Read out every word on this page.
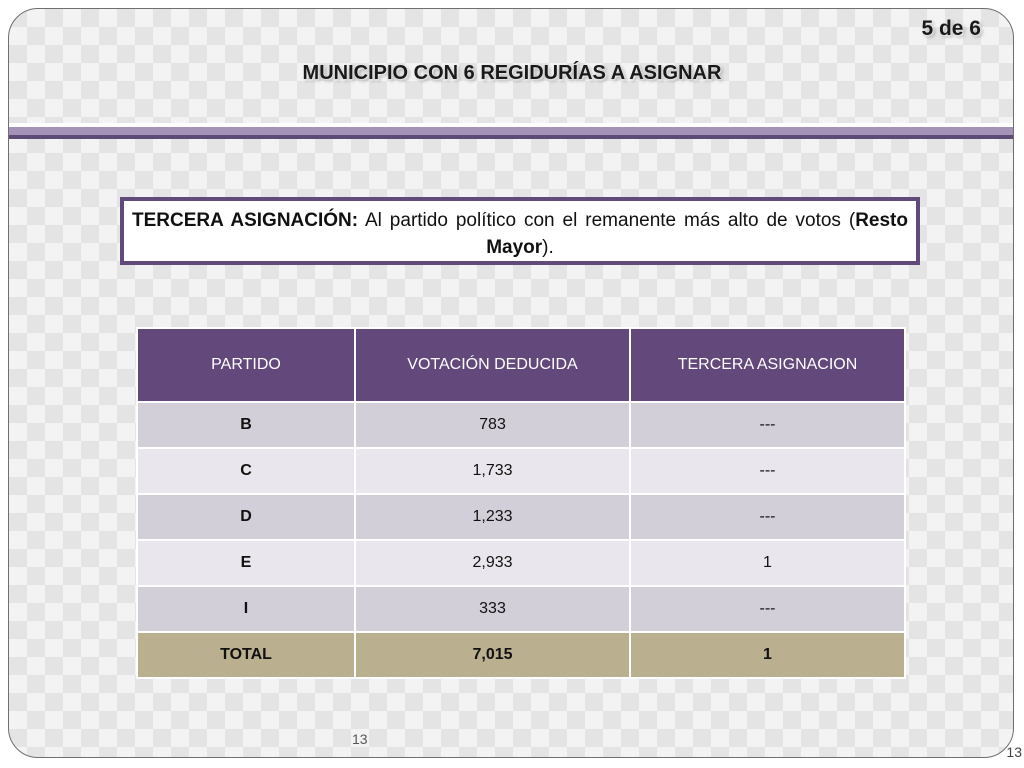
5 de 6
MUNICIPIO CON 6 REGIDURÍAS A ASIGNAR
TERCERA ASIGNACIÓN: Al partido político con el remanente más alto de votos (Resto Mayor).
PARTIDO	VOTACIÓN DEDUCIDA	TERCERA ASIGNACION
B	783	---
C	1,733	---
D	1,233	---
E	2,933	1
I	333	---
TOTAL	7,015	1
13
13
